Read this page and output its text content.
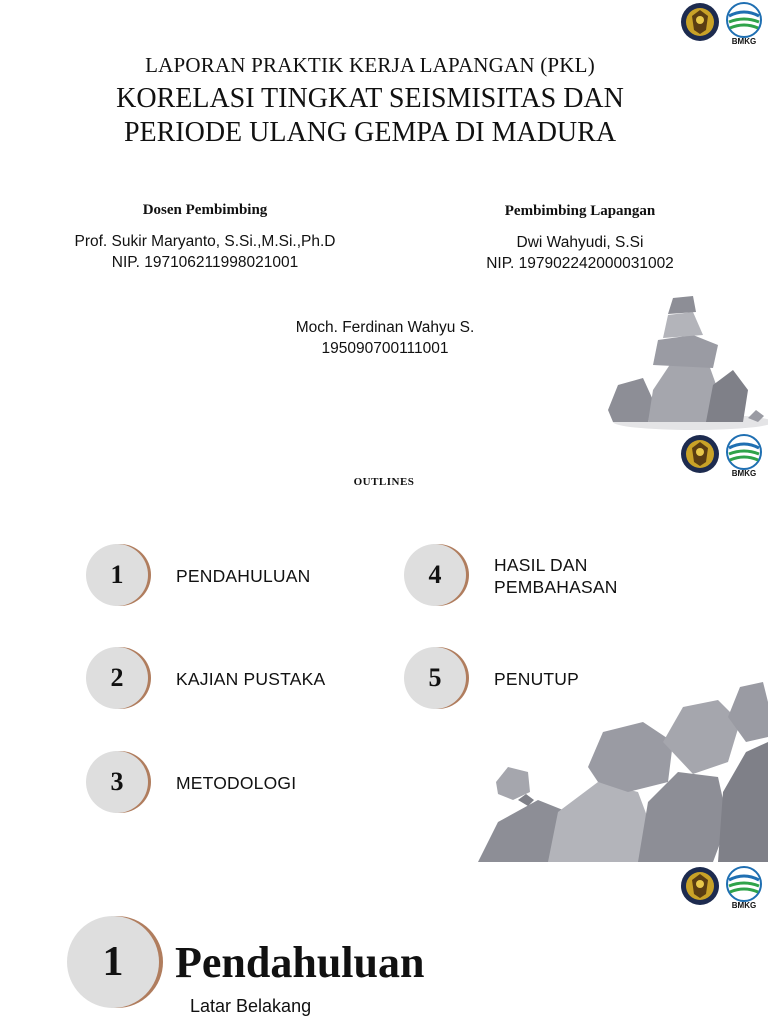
BMKG
LAPORAN PRAKTIK KERJA LAPANGAN (PKL)
KORELASI TINGKAT SEISMISITAS DAN
PERIODE ULANG GEMPA DI MADURA
Dosen Pembimbing
Prof. Sukir Maryanto, S.Si.,M.Si.,Ph.D
NIP. 197106211998021001
Pembimbing Lapangan
Dwi Wahyudi, S.Si
NIP. 197902242000031002
Moch. Ferdinan Wahyu S.
195090700111001
BMKG
OUTLINES
1	PENDAHULUAN
2	KAJIAN PUSTAKA
3	METODOLOGI
4	HASIL DAN PEMBAHASAN
5	PENUTUP
BMKG
1	Pendahuluan
Latar Belakang
